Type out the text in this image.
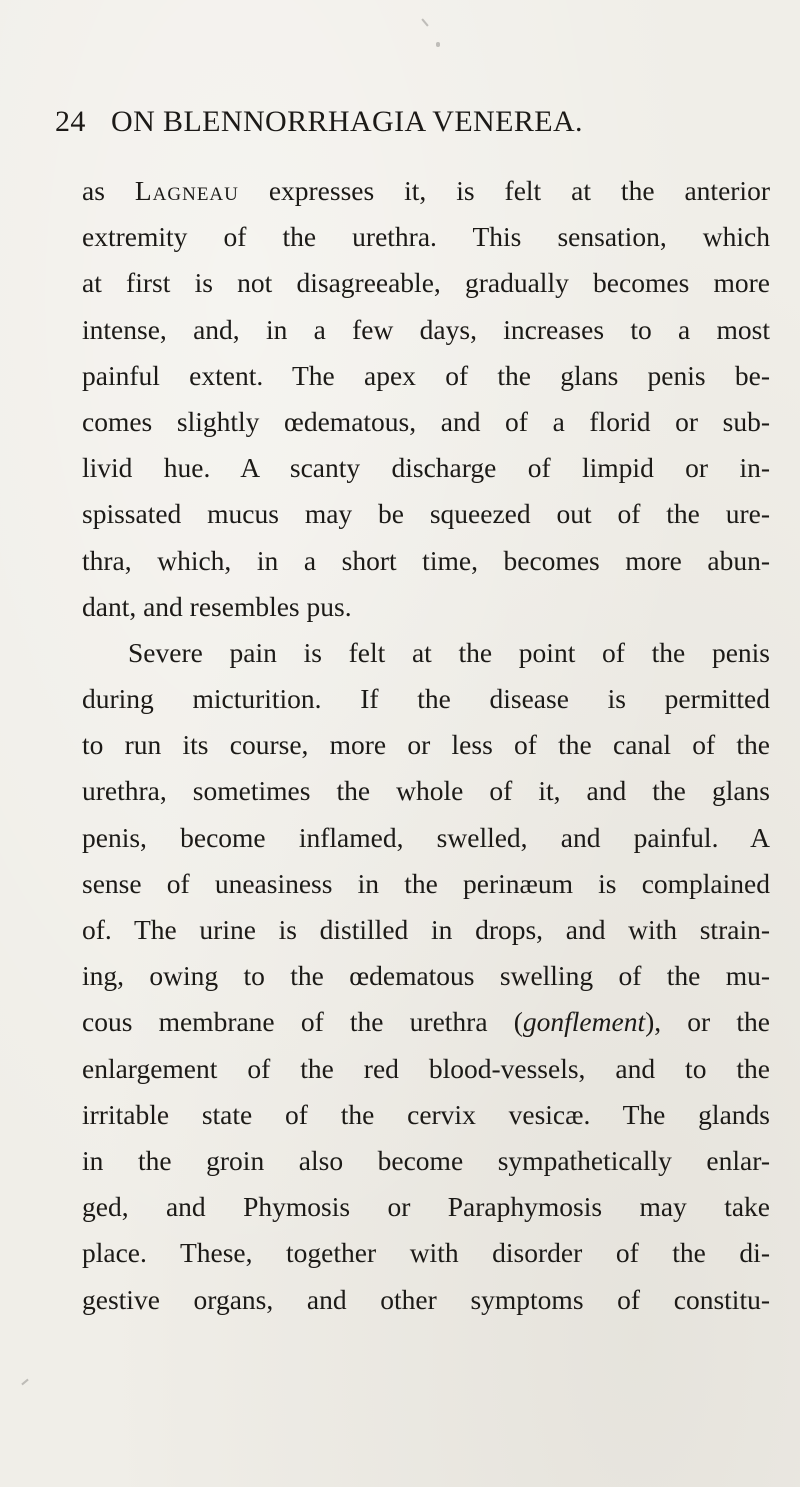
24 ON BLENNORRHAGIA VENEREA.
as Lagneau expresses it, is felt at the anterior
extremity of the urethra. This sensation, which
at first is not disagreeable, gradually becomes more
intense, and, in a few days, increases to a most
painful extent. The apex of the glans penis be-
comes slightly œdematous, and of a florid or sub-
livid hue. A scanty discharge of limpid or in-
spissated mucus may be squeezed out of the ure-
thra, which, in a short time, becomes more abun-
dant, and resembles pus.
Severe pain is felt at the point of the penis
during micturition. If the disease is permitted
to run its course, more or less of the canal of the
urethra, sometimes the whole of it, and the glans
penis, become inflamed, swelled, and painful. A
sense of uneasiness in the perinæum is complained
of. The urine is distilled in drops, and with strain-
ing, owing to the œdematous swelling of the mu-
cous membrane of the urethra (gonflement), or the
enlargement of the red blood-vessels, and to the
irritable state of the cervix vesicæ. The glands
in the groin also become sympathetically enlar-
ged, and Phymosis or Paraphymosis may take
place. These, together with disorder of the di-
gestive organs, and other symptoms of constitu-
